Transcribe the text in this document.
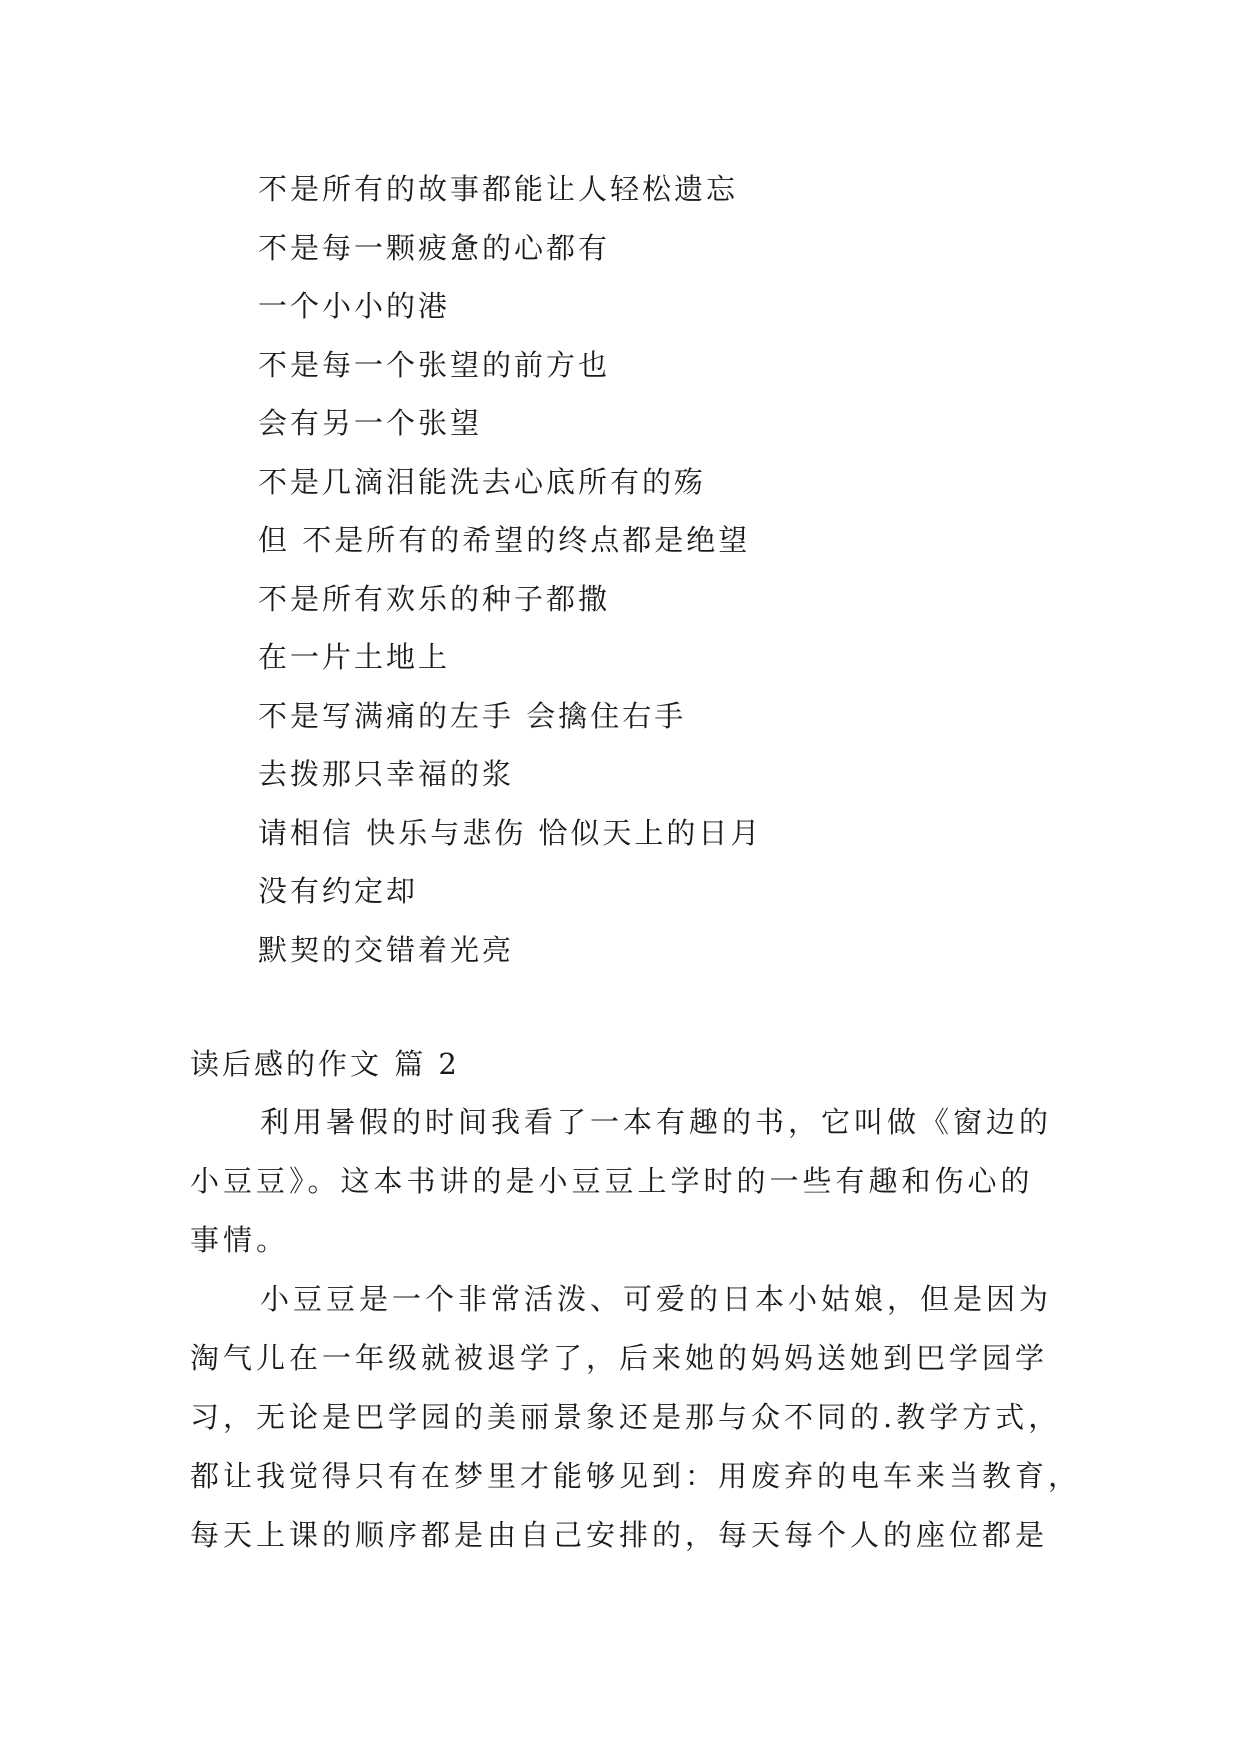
不是所有的故事都能让人轻松遗忘
不是每一颗疲惫的心都有
一个小小的港
不是每一个张望的前方也
会有另一个张望
不是几滴泪能洗去心底所有的殇
但 不是所有的希望的终点都是绝望
不是所有欢乐的种子都撒
在一片土地上
不是写满痛的左手 会擒住右手
去拨那只幸福的浆
请相信 快乐与悲伤 恰似天上的日月
没有约定却
默契的交错着光亮
读后感的作文 篇 2

利用暑假的时间我看了一本有趣的书，它叫做《窗边的
小豆豆》。这本书讲的是小豆豆上学时的一些有趣和伤心的
事情。

小豆豆是一个非常活泼、可爱的日本小姑娘，但是因为
淘气儿在一年级就被退学了，后来她的妈妈送她到巴学园学
习，无论是巴学园的美丽景象还是那与众不同的.教学方式，
都让我觉得只有在梦里才能够见到：用废弃的电车来当教育，
每天上课的顺序都是由自己安排的，每天每个人的座位都是
